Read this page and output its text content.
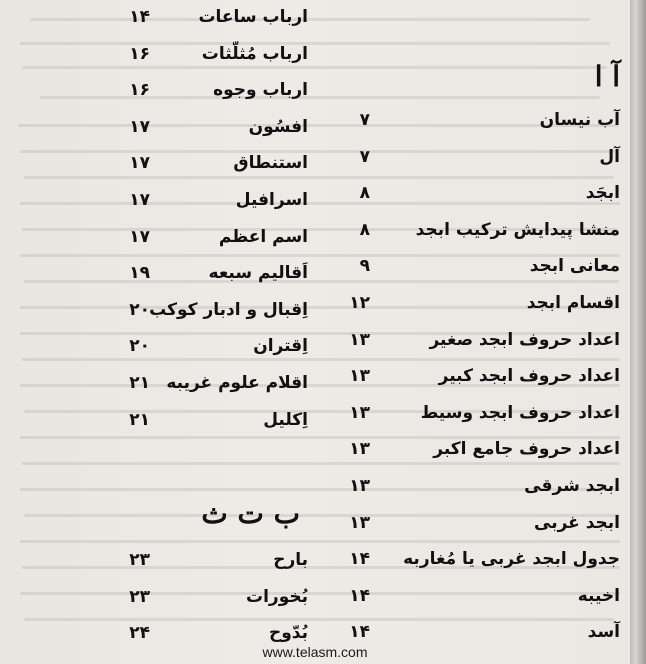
آ ا
آب نیسان
۷
آل
۷
ابجَد
۸
منشا پیدایش ترکیب ابجد
۸
معانی ابجد
۹
اقسام ابجد
۱۲
اعداد حروف ابجد صغیر
۱۳
اعداد حروف ابجد کبیر
۱۳
اعداد حروف ابجد وسیط
۱۳
اعداد حروف جامع اکبر
۱۳
ابجد شرقی
۱۳
ابجد غربی
۱۳
جدول ابجد غربی یا مُغاربه
۱۴
اخیبه
۱۴
آسد
۱۴
ارباب ساعات
۱۴
ارباب مُثلّثات
۱۶
ارباب وجوه
۱۶
افسُون
۱۷
استنطاق
۱۷
اسرافیل
۱۷
اسم اعظم
۱۷
اَقالیم سبعه
۱۹
اِقبال و ادبار کوکب
۲۰
اِقتران
۲۰
اقلام علوم غریبه
۲۱
اِکلیل
۲۱
ب ت ث
بارح
۲۳
بُخورات
۲۳
بُدّوح
۲۴
www.telasm.com
